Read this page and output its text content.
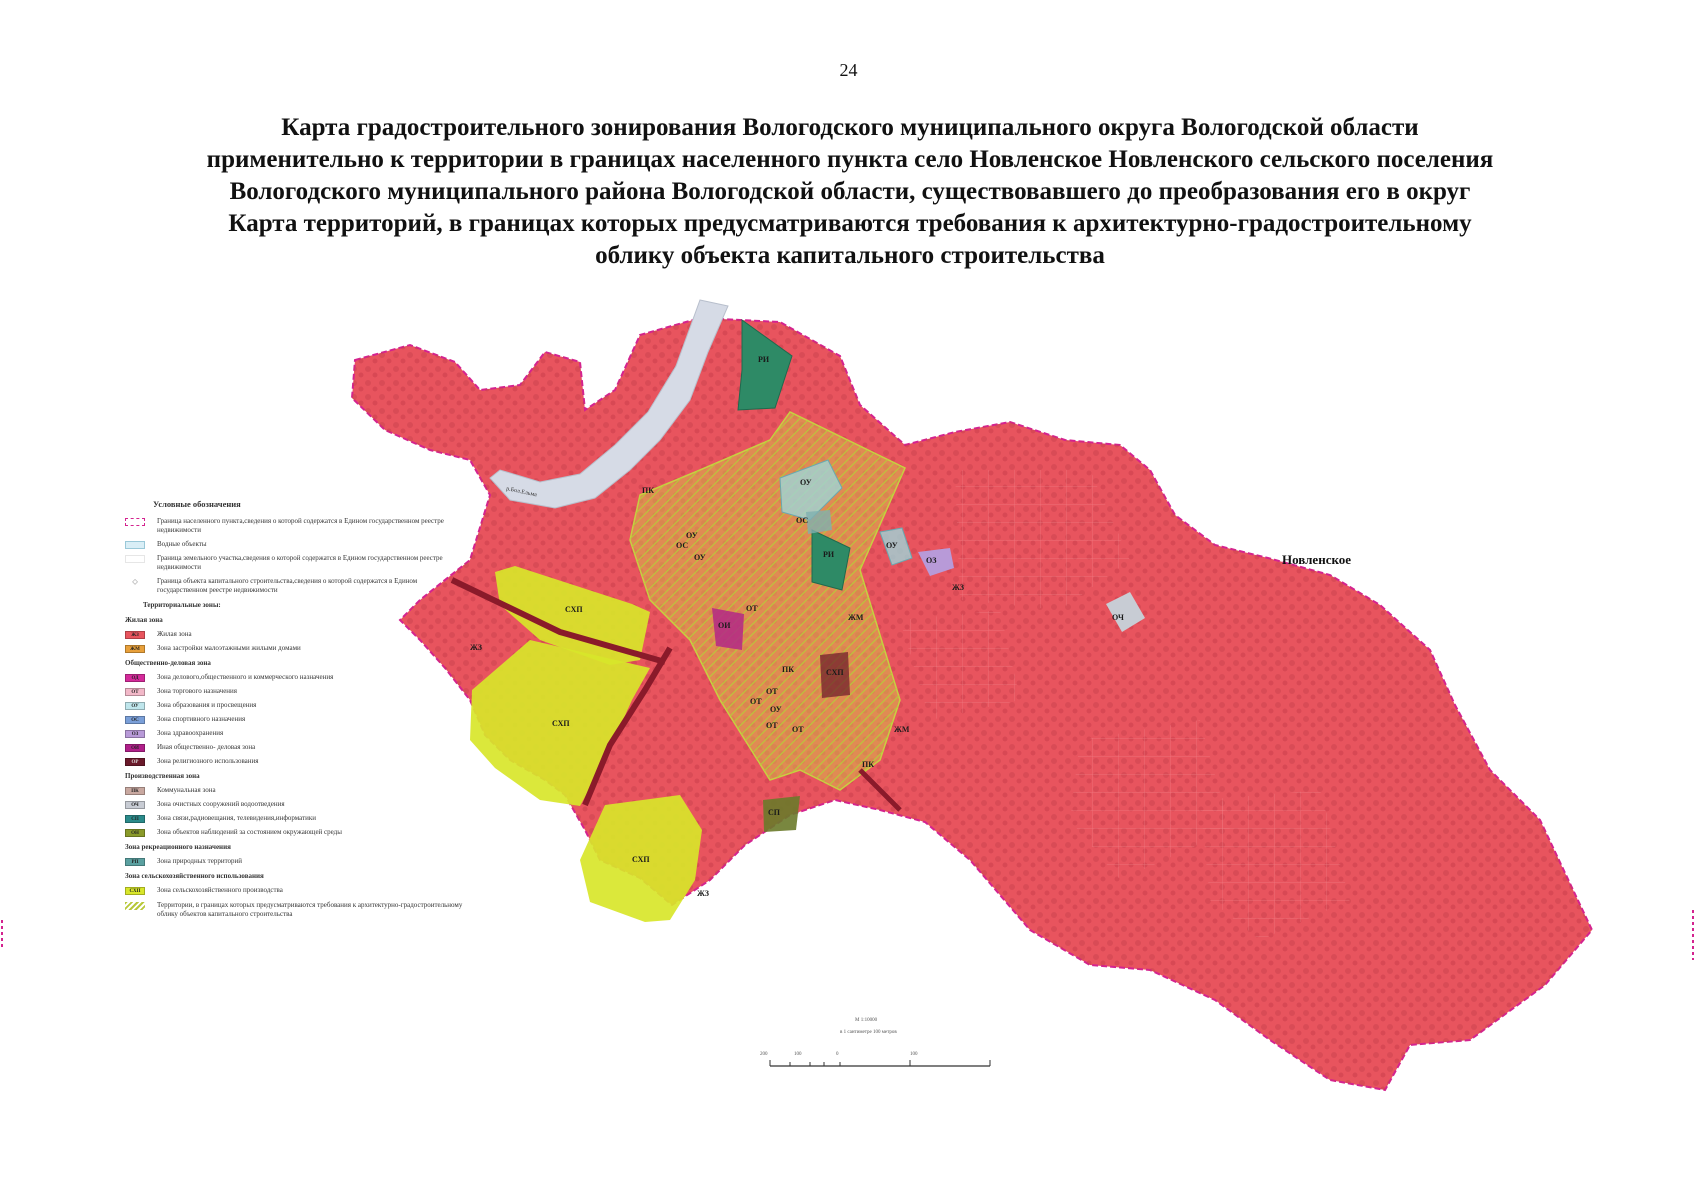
24
Карта градостроительного зонирования Вологодского муниципального округа Вологодской области
применительно к территории в границах населенного пункта село Новленское Новленского сельского поселения
Вологодского муниципального района Вологодской области, существовавшего до преобразования его в округ
Карта территорий, в границах которых предусматриваются требования к архитектурно-градостроительному
облику объекта капитального строительства
р.Бол.Ельма
РИ
ОУ
ПК
ОУ
ОС
ОУ
ОС
РИ
ОУ
ОЗ
ЖЗ
ОТ
ЖМ
ОИ
ПК	СХП
ОТ
ОТ
ОУ
ОТ ОТ	ЖМ
ПК
СП
СХП
СХП
СХП
ЖЗ
ЖЗ
ОЧ
Новленское
Условные обозначения
Граница населенного пункта,сведения о которой содержатся в Едином государственном реестре недвижимости
Водные объекты
Граница земельного участка,сведения о которой содержатся в Едином государственном реестре недвижимости
⬦	Граница объекта капитального строительства,сведения о которой содержатся в Едином государственном реестре недвижимости
Территориальные зоны:
Жилая зона
ЖЗ	Жилая зона
ЖМ	Зона застройки малоэтажными жилыми домами
Общественно-деловая зона
ОД	Зона делового,общественного и коммерческого назначения
ОТ	Зона торгового назначения
ОУ	Зона образования и просвещения
ОС	Зона спортивного назначения
ОЗ	Зона здравоохранения
ОИ	Иная общественно- деловая зона
ОР	Зона религиозного использования
Производственная зона
ПК	Коммунальная зона
ОЧ	Зона очистных сооружений водоотведения
СП	Зона связи,радиовещания, телевидения,информатики
ОН	Зона объектов наблюдений за состоянием окружающей среды
Зона рекреационного назначения
РП	Зона природных территорий
Зона сельскохозяйственного использования
СХП	Зона сельскохозяйственного производства
Территории, в границах которых предусматриваются требования к архитектурно-градостроительному облику объектов капитального строительства
М 1:10000
в 1 сантиметре 100 метров
200	100	0	100
